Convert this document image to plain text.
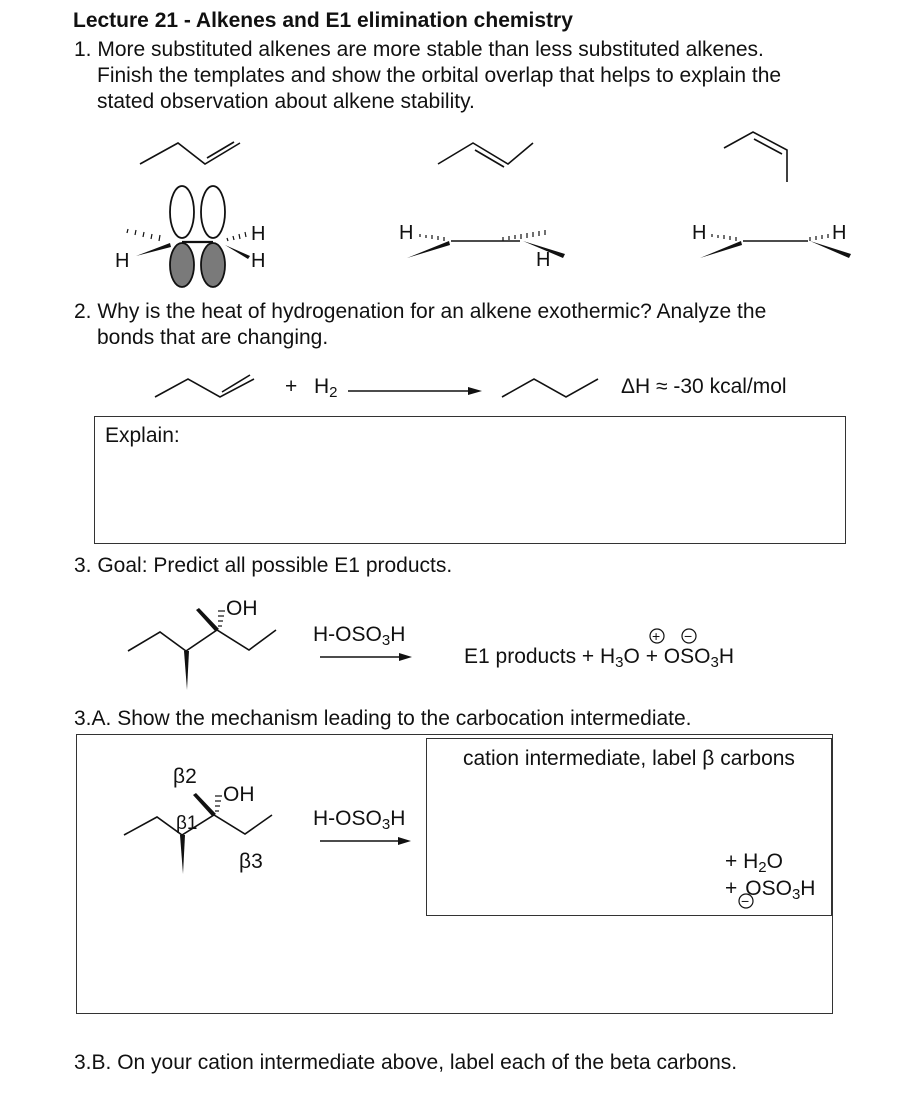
Lecture 21 - Alkenes and E1 elimination chemistry
1. More substituted alkenes are more stable than less substituted alkenes.
Finish the templates and show the orbital overlap that helps to explain the
stated observation about alkene stability.
H
H
H
H
H
H	H
2. Why is the heat of hydrogenation for an alkene exothermic? Analyze the
bonds that are changing.
+ $H_2$	ΔH ≈ -30 kcal/mol
Explain:
3. Goal: Predict all possible E1 products.
+ −
OH
$H-OSO_3H$
E1 products + $H_3O + OSO_3H$
3.A. Show the mechanism leading to the carbocation intermediate.
−
β2
OH
β1
β3
$H-OSO_3H$
cation intermediate, label β carbons
+ $H_2O$
+ $OSO_3H$
3.B. On your cation intermediate above, label each of the beta carbons.
